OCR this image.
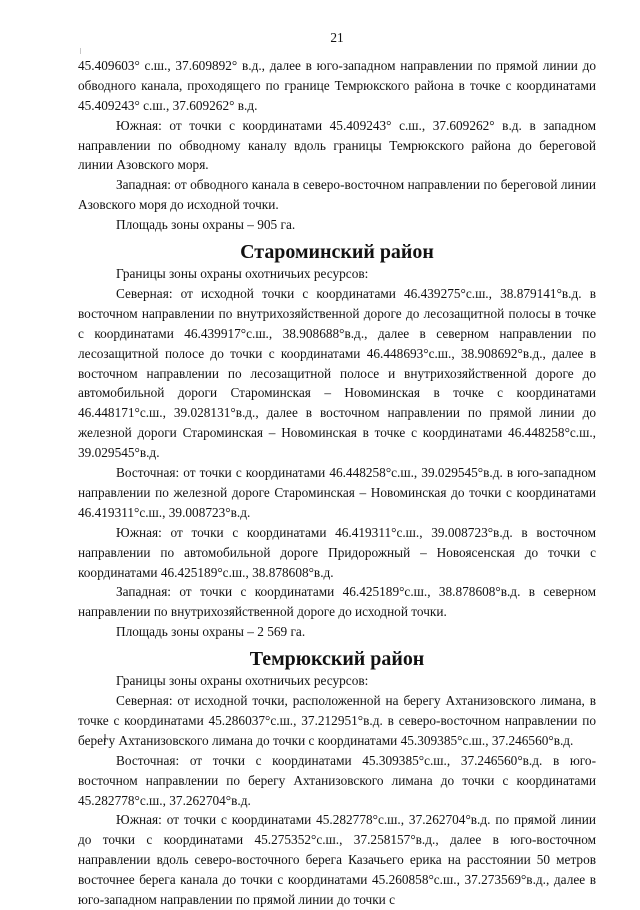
21

45.409603° с.ш., 37.609892° в.д., далее в юго-западном направлении по прямой линии до обводного канала, проходящего по границе Темрюкского района в точке с координатами 45.409243° с.ш., 37.609262° в.д.

Южная: от точки с координатами 45.409243° с.ш., 37.609262° в.д. в западном направлении по обводному каналу вдоль границы Темрюкского района до береговой линии Азовского моря.

Западная: от обводного канала в северо-восточном направлении по береговой линии Азовского моря до исходной точки.

Площадь зоны охраны – 905 га.

Староминский район

Границы зоны охраны охотничьих ресурсов:

Северная: от исходной точки с координатами 46.439275°с.ш., 38.879141°в.д. в восточном направлении по внутрихозяйственной дороге до лесозащитной полосы в точке с координатами 46.439917°с.ш., 38.908688°в.д., далее в северном направлении по лесозащитной полосе до точки с координатами 46.448693°с.ш., 38.908692°в.д., далее в восточном направлении по лесозащитной полосе и внутрихозяйственной дороге до автомобильной дороги Староминская – Новоминская в точке с координатами 46.448171°с.ш., 39.028131°в.д., далее в восточном направлении по прямой линии до железной дороги Староминская – Новоминская в точке с координатами 46.448258°с.ш., 39.029545°в.д.

Восточная: от точки с координатами 46.448258°с.ш., 39.029545°в.д. в юго-западном направлении по железной дороге Староминская – Новоминская до точки с координатами 46.419311°с.ш., 39.008723°в.д.

Южная: от точки с координатами 46.419311°с.ш., 39.008723°в.д. в восточном направлении по автомобильной дороге Придорожный – Новоясенская до точки с координатами 46.425189°с.ш., 38.878608°в.д.

Западная: от точки с координатами 46.425189°с.ш., 38.878608°в.д. в северном направлении по внутрихозяйственной дороге до исходной точки.

Площадь зоны охраны – 2 569 га.

Темрюкский район

Границы зоны охраны охотничьих ресурсов:

Северная: от исходной точки, расположенной на берегу Ахтанизовского лимана, в точке с координатами 45.286037°с.ш., 37.212951°в.д. в северо-восточном направлении по берегу Ахтанизовского лимана до точки с координатами 45.309385°с.ш., 37.246560°в.д.

Восточная: от точки с координатами 45.309385°с.ш., 37.246560°в.д. в юго-восточном направлении по берегу Ахтанизовского лимана до точки с координатами 45.282778°с.ш., 37.262704°в.д.

Южная: от точки с координатами 45.282778°с.ш., 37.262704°в.д. по прямой линии до точки с координатами 45.275352°с.ш., 37.258157°в.д., далее в юго-восточном направлении вдоль северо-восточного берега Казачьего ерика на расстоянии 50 метров восточнее берега канала до точки с координатами 45.260858°с.ш., 37.273569°в.д., далее в юго-западном направлении по прямой линии до точки с
